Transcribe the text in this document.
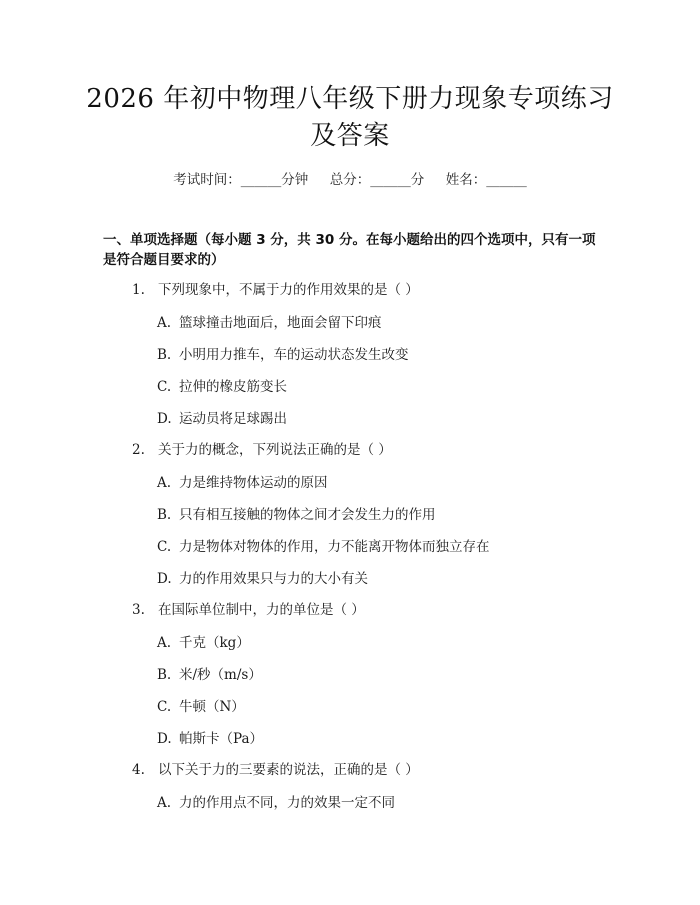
2026 年初中物理八年级下册力现象专项练习
及答案
考试时间：______分钟     总分：______分     姓名：______
一、单项选择题（每小题 3 分，共 30 分。在每小题给出的四个选项中，只有一项
是符合题目要求的）
1. 下列现象中，不属于力的作用效果的是（ ）
A. 篮球撞击地面后，地面会留下印痕
B. 小明用力推车，车的运动状态发生改变
C. 拉伸的橡皮筋变长
D. 运动员将足球踢出
2. 关于力的概念，下列说法正确的是（ ）
A. 力是维持物体运动的原因
B. 只有相互接触的物体之间才会发生力的作用
C. 力是物体对物体的作用，力不能离开物体而独立存在
D. 力的作用效果只与力的大小有关
3. 在国际单位制中，力的单位是（ ）
A. 千克（kg）
B. 米/秒（m/s）
C. 牛顿（N）
D. 帕斯卡（Pa）
4. 以下关于力的三要素的说法，正确的是（ ）
A. 力的作用点不同，力的效果一定不同
